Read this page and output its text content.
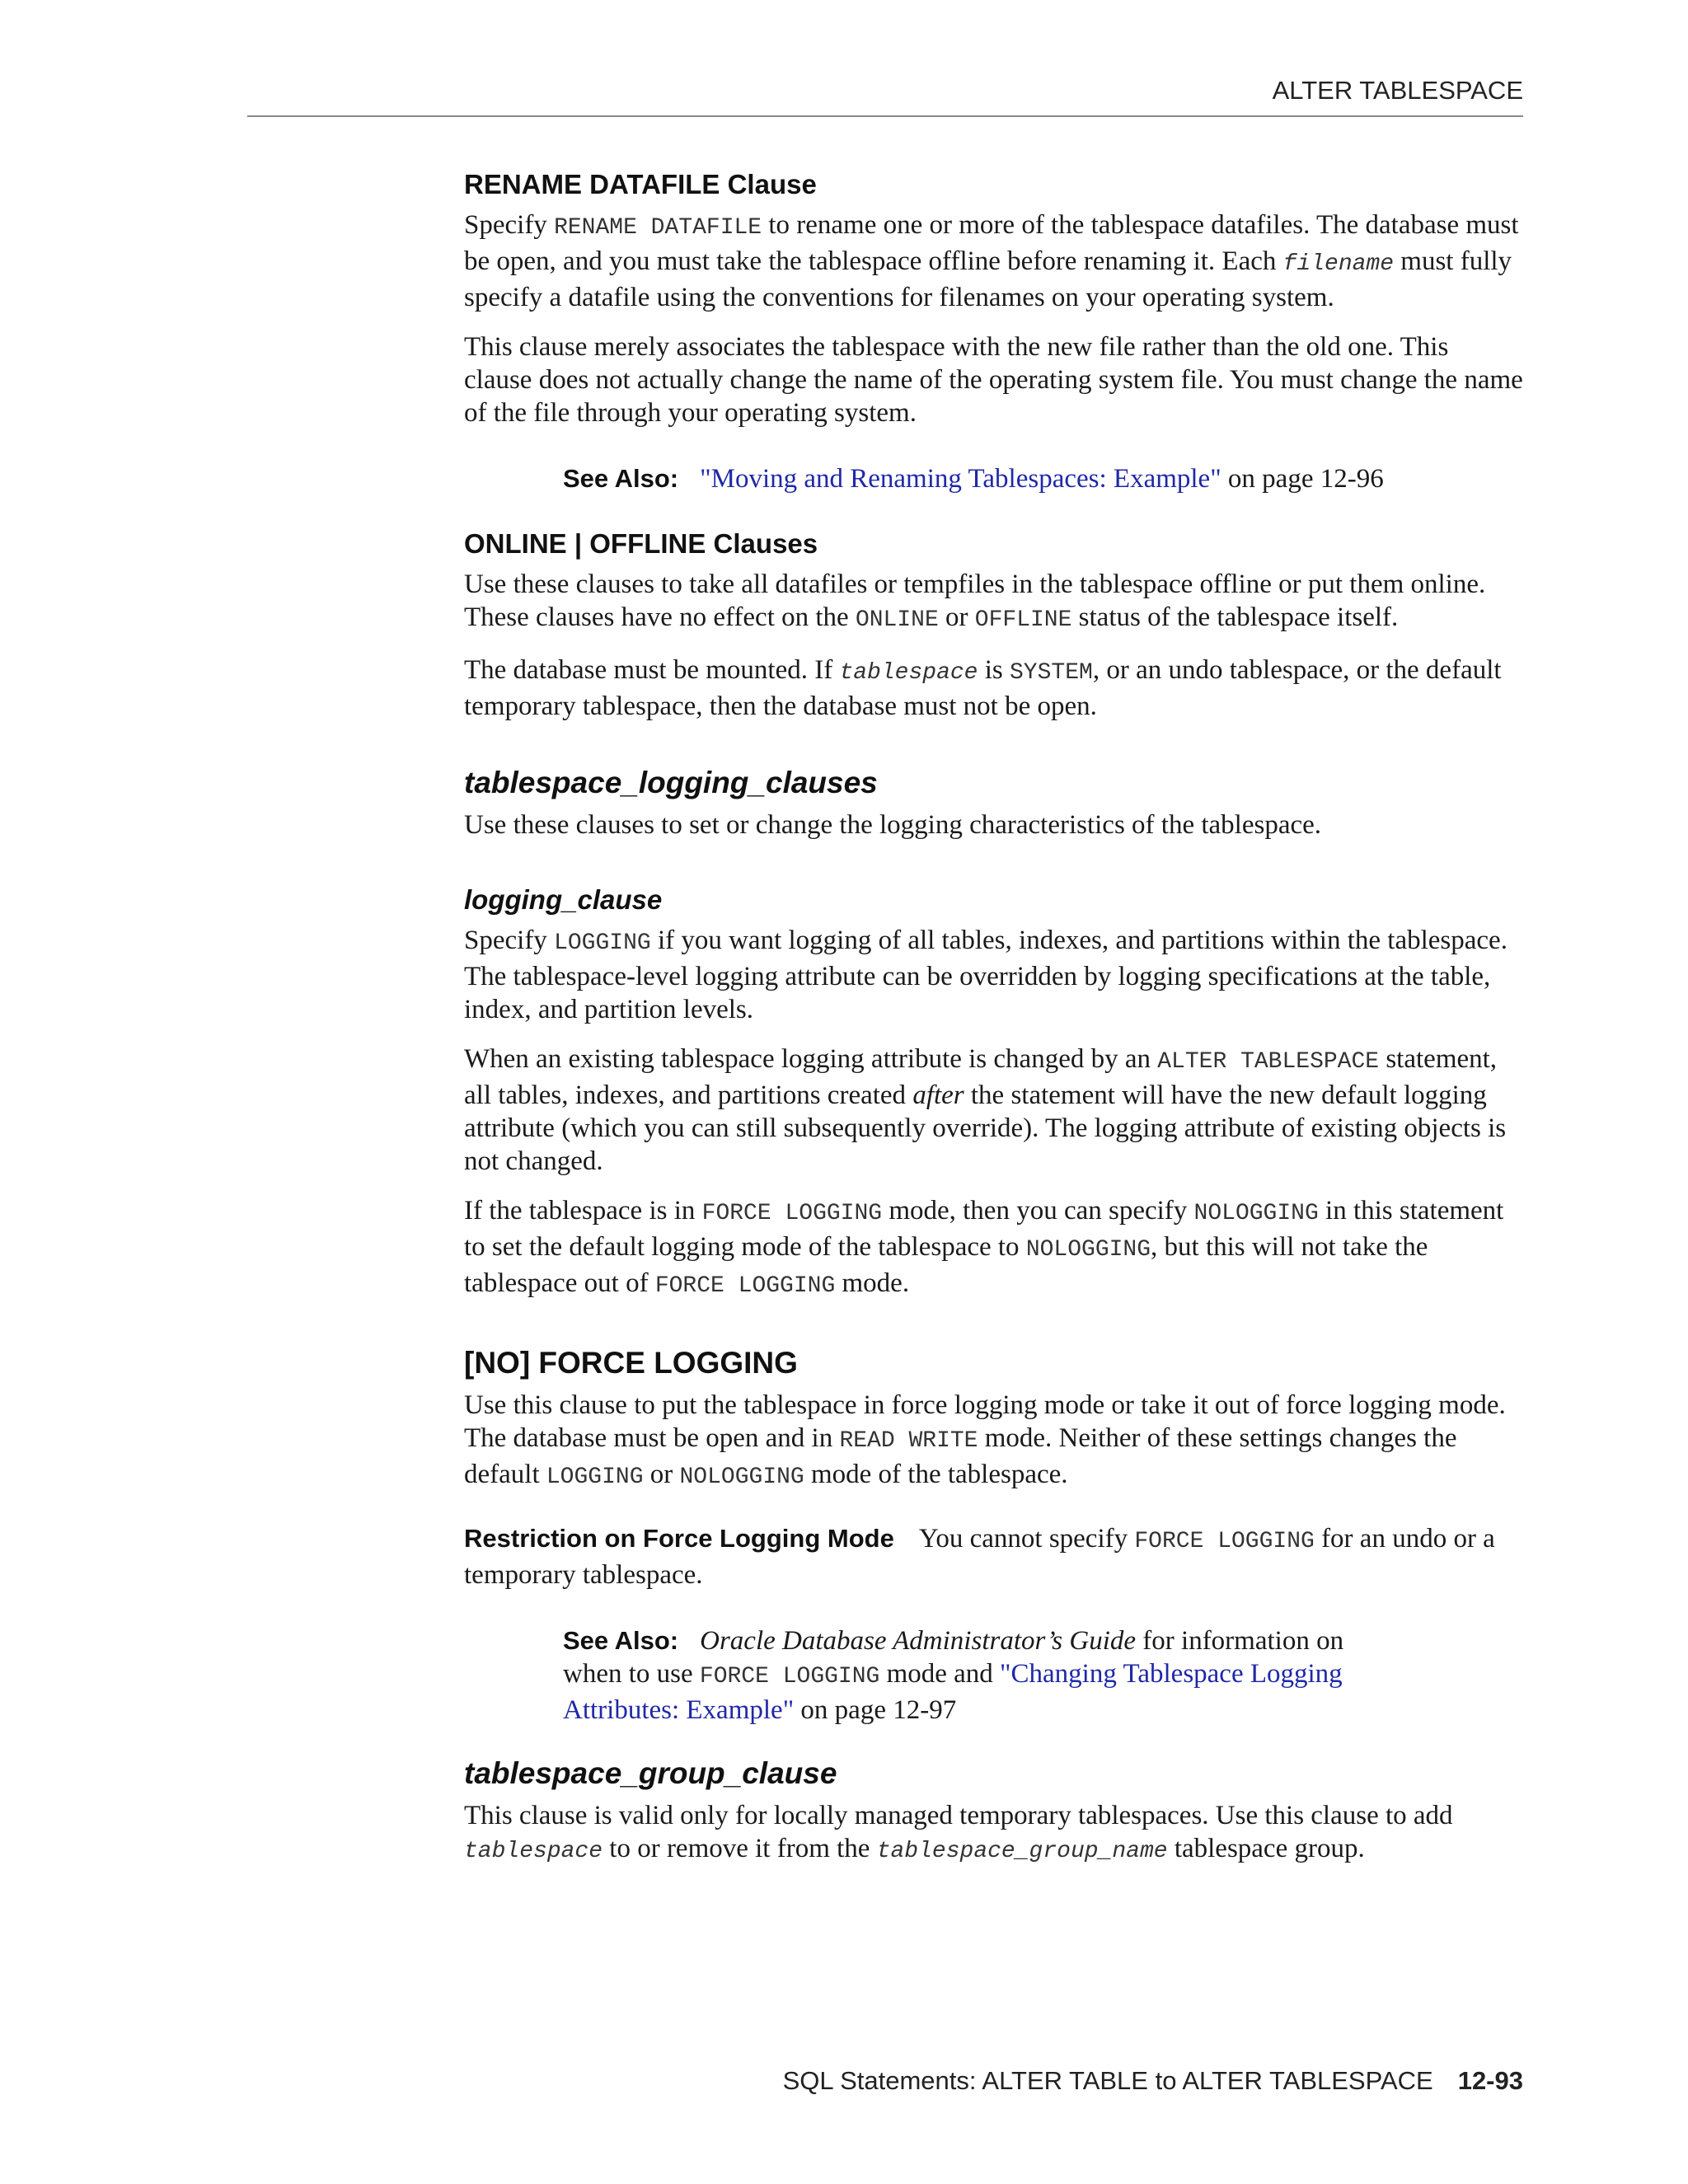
ALTER TABLESPACE
RENAME DATAFILE Clause

Specify RENAME DATAFILE to rename one or more of the tablespace datafiles. The database must be open, and you must take the tablespace offline before renaming it. Each filename must fully specify a datafile using the conventions for filenames on your operating system.

This clause merely associates the tablespace with the new file rather than the old one. This clause does not actually change the name of the operating system file. You must change the name of the file through your operating system.

See Also: "Moving and Renaming Tablespaces: Example" on page 12-96

ONLINE | OFFLINE Clauses

Use these clauses to take all datafiles or tempfiles in the tablespace offline or put them online. These clauses have no effect on the ONLINE or OFFLINE status of the tablespace itself.

The database must be mounted. If tablespace is SYSTEM, or an undo tablespace, or the default temporary tablespace, then the database must not be open.

tablespace_logging_clauses

Use these clauses to set or change the logging characteristics of the tablespace.

logging_clause

Specify LOGGING if you want logging of all tables, indexes, and partitions within the tablespace. The tablespace-level logging attribute can be overridden by logging specifications at the table, index, and partition levels.

When an existing tablespace logging attribute is changed by an ALTER TABLESPACE statement, all tables, indexes, and partitions created after the statement will have the new default logging attribute (which you can still subsequently override). The logging attribute of existing objects is not changed.

If the tablespace is in FORCE LOGGING mode, then you can specify NOLOGGING in this statement to set the default logging mode of the tablespace to NOLOGGING, but this will not take the tablespace out of FORCE LOGGING mode.

[NO] FORCE LOGGING

Use this clause to put the tablespace in force logging mode or take it out of force logging mode. The database must be open and in READ WRITE mode. Neither of these settings changes the default LOGGING or NOLOGGING mode of the tablespace.

Restriction on Force Logging Mode You cannot specify FORCE LOGGING for an undo or a temporary tablespace.

See Also: Oracle Database Administrator’s Guide for information on when to use FORCE LOGGING mode and "Changing Tablespace Logging Attributes: Example" on page 12-97

tablespace_group_clause

This clause is valid only for locally managed temporary tablespaces. Use this clause to add tablespace to or remove it from the tablespace_group_name tablespace group.

SQL Statements: ALTER TABLE to ALTER TABLESPACE 12-93
